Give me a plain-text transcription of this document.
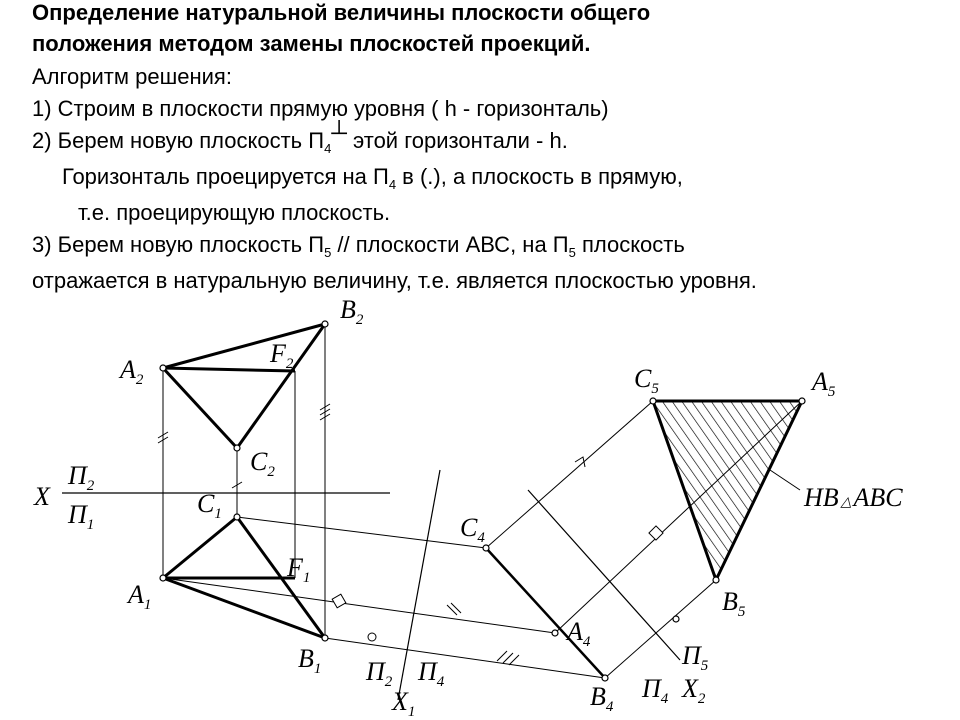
Определение натуральной величины плоскости общего
положения методом замены плоскостей проекций.
Алгоритм решения:
1) Строим в плоскости прямую уровня ( h - горизонталь)
2) Берем новую плоскость $П_4┴$ этой горизонтали - h.
Горизонталь проецируется на $П_4$ в (.), а плоскость в прямую,
т.е. проецирующую плоскость.
3) Берем новую плоскость $П_5$ // плоскости АВС, на $П_5$ плоскость
отражается в натуральную величину, т.е. является плоскостью уровня.
$A_2$
$B_2$
$C_2$
$F_2$
$C_1$
$A_1$
$F_1$
$B_1$
$C_4$
$A_4$
$B_4$
$C_5$	$A_5$
$B_5$
X
$П_2$
$П_1$
$П_2$ $П_4$
$X_1$
$П_5$
$П_4$ $X_2$
НВ △ABC
